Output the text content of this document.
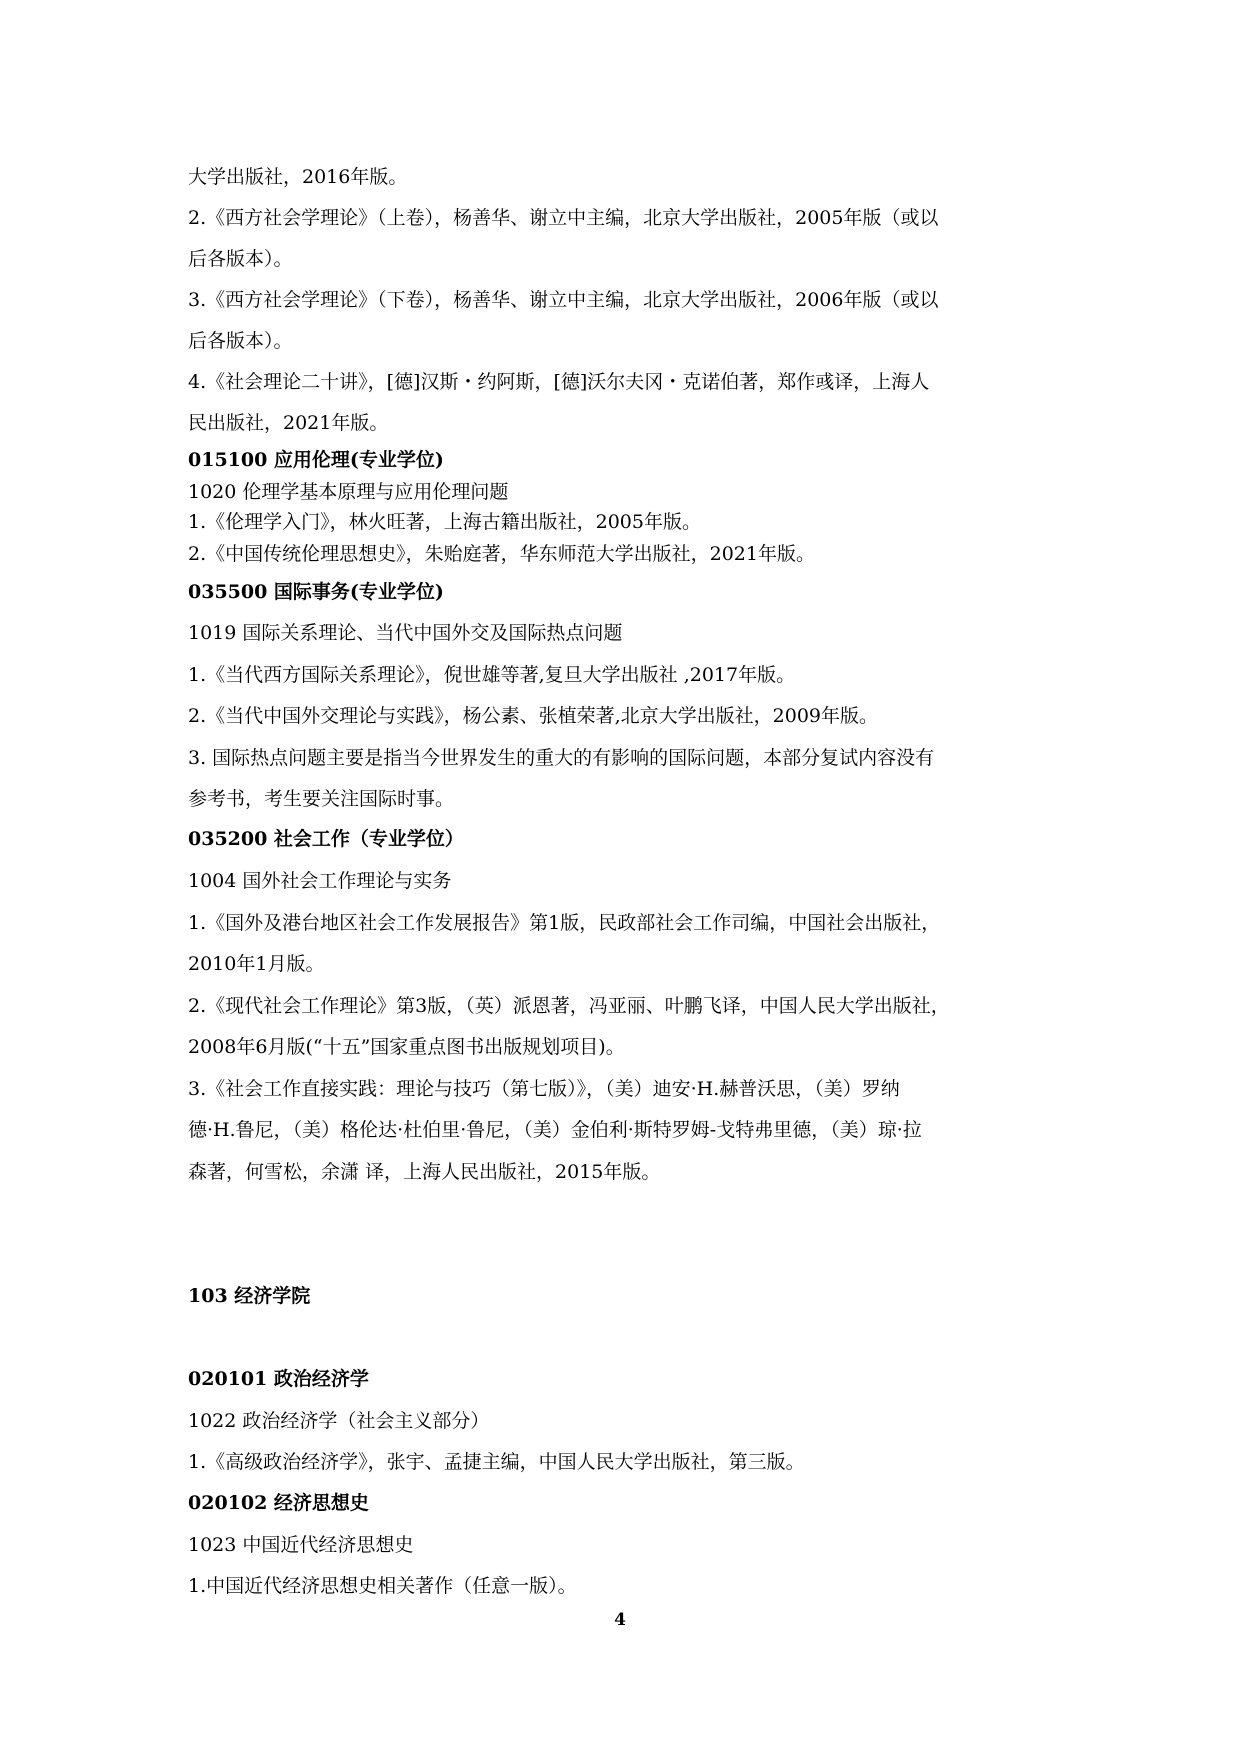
大学出版社，2016年版。
2.《西方社会学理论》（上卷），杨善华、谢立中主编，北京大学出版社，2005年版（或以
后各版本）。
3.《西方社会学理论》（下卷），杨善华、谢立中主编，北京大学出版社，2006年版（或以
后各版本）。
4.《社会理论二十讲》，[德]汉斯・约阿斯，[德]沃尔夫冈・克诺伯著，郑作彧译，上海人
民出版社，2021年版。
015100 应用伦理(专业学位)
1020 伦理学基本原理与应用伦理问题
1.《伦理学入门》，林火旺著，上海古籍出版社，2005年版。
2.《中国传统伦理思想史》，朱贻庭著，华东师范大学出版社，2021年版。
035500 国际事务(专业学位)
1019 国际关系理论、当代中国外交及国际热点问题
1.《当代西方国际关系理论》，倪世雄等著,复旦大学出版社 ,2017年版。
2.《当代中国外交理论与实践》，杨公素、张植荣著,北京大学出版社，2009年版。
3. 国际热点问题主要是指当今世界发生的重大的有影响的国际问题，本部分复试内容没有
参考书，考生要关注国际时事。
035200 社会工作（专业学位）
1004 国外社会工作理论与实务
1.《国外及港台地区社会工作发展报告》第1版，民政部社会工作司编，中国社会出版社，
2010年1月版。
2.《现代社会工作理论》第3版，（英）派恩著，冯亚丽、叶鹏飞译，中国人民大学出版社，
2008年6月版(“十五”国家重点图书出版规划项目)。
3.《社会工作直接实践：理论与技巧（第七版）》，（美）迪安·H.赫普沃思，（美）罗纳
德·H.鲁尼，（美）格伦达·杜伯里·鲁尼，（美）金伯利·斯特罗姆-戈特弗里德，（美）琼·拉
森著，何雪松，余潇 译，上海人民出版社，2015年版。
103 经济学院
020101 政治经济学
1022 政治经济学（社会主义部分）
1.《高级政治经济学》，张宇、孟捷主编，中国人民大学出版社，第三版。
020102 经济思想史
1023 中国近代经济思想史
1.中国近代经济思想史相关著作（任意一版）。
4
